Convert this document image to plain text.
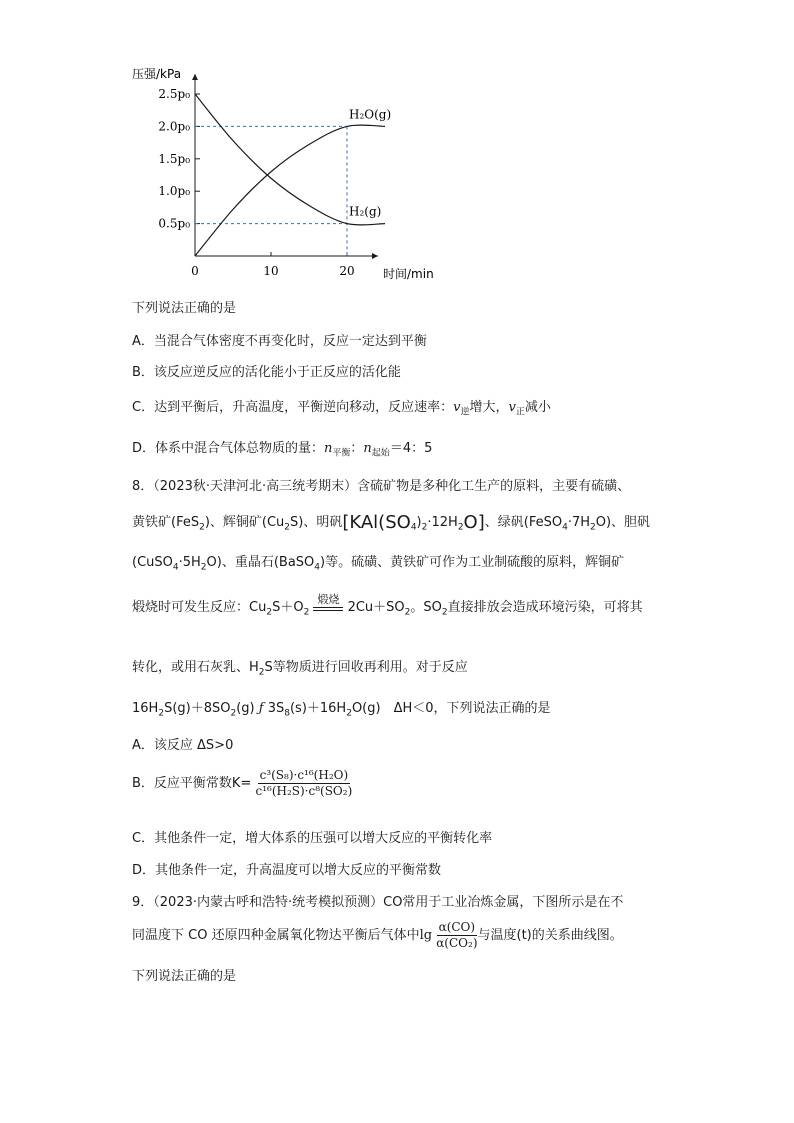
0.5p₀
1.0p₀
1.5p₀
2.0p₀
2.5p₀
0	10	20
H₂O(g)
H₂(g)
压强/kPa
时间/min
下列说法正确的是
A．当混合气体密度不再变化时，反应一定达到平衡
B．该反应逆反应的活化能小于正反应的活化能
C．达到平衡后，升高温度，平衡逆向移动，反应速率：$v_逆$增大，$v_正$减小
D．体系中混合气体总物质的量：$n_{平衡}$：$n_{起始}=4$：5
8．（2023秋·天津河北·高三统考期末）含硫矿物是多种化工生产的原料，主要有硫磺、
黄铁矿(FeS$_2$)、辉铜矿$(Cu_2S)$、明矾$[KAl(SO_4)_2\cdot 12H_2O]$、绿矾$(FeSO_4\cdot 7H_2O)$、胆矾
$(CuSO_4\cdot 5H_2O)$、重晶石(BaSO$_4$)等。硫磺、黄铁矿可作为工业制硫酸的原料，辉铜矿
煅烧时可发生反应：$Cu_2S+O_2$
煅烧
$2Cu+SO_2$。$SO_2$直接排放会造成环境污染，可将其
转化，或用石灰乳、$H_2S$等物质进行回收再利用。对于反应
$16H_2S(g)+8SO_2(g)$ ƒ $3S_8(s)+16H_2O(g)$　ΔH＜0，下列说法正确的是
A．该反应 ΔS>0
B．反应平衡常数$K= \frac{\text{c³(S₈)·c¹⁶(H₂O)}}{\text{c¹⁶(H₂S)·c⁸(SO₂)}}$
C．其他条件一定，增大体系的压强可以增大反应的平衡转化率
D．其他条件一定，升高温度可以增大反应的平衡常数
9．（2023·内蒙古呼和浩特·统考模拟预测）CO常用于工业冶炼金属，下图所示是在不
同温度下 CO 还原四种金属氧化物达平衡后气体中$\lg \frac{\alpha(CO)}{\text{α(CO₂)}}$ 与温度(t)的关系曲线图。
下列说法正确的是
